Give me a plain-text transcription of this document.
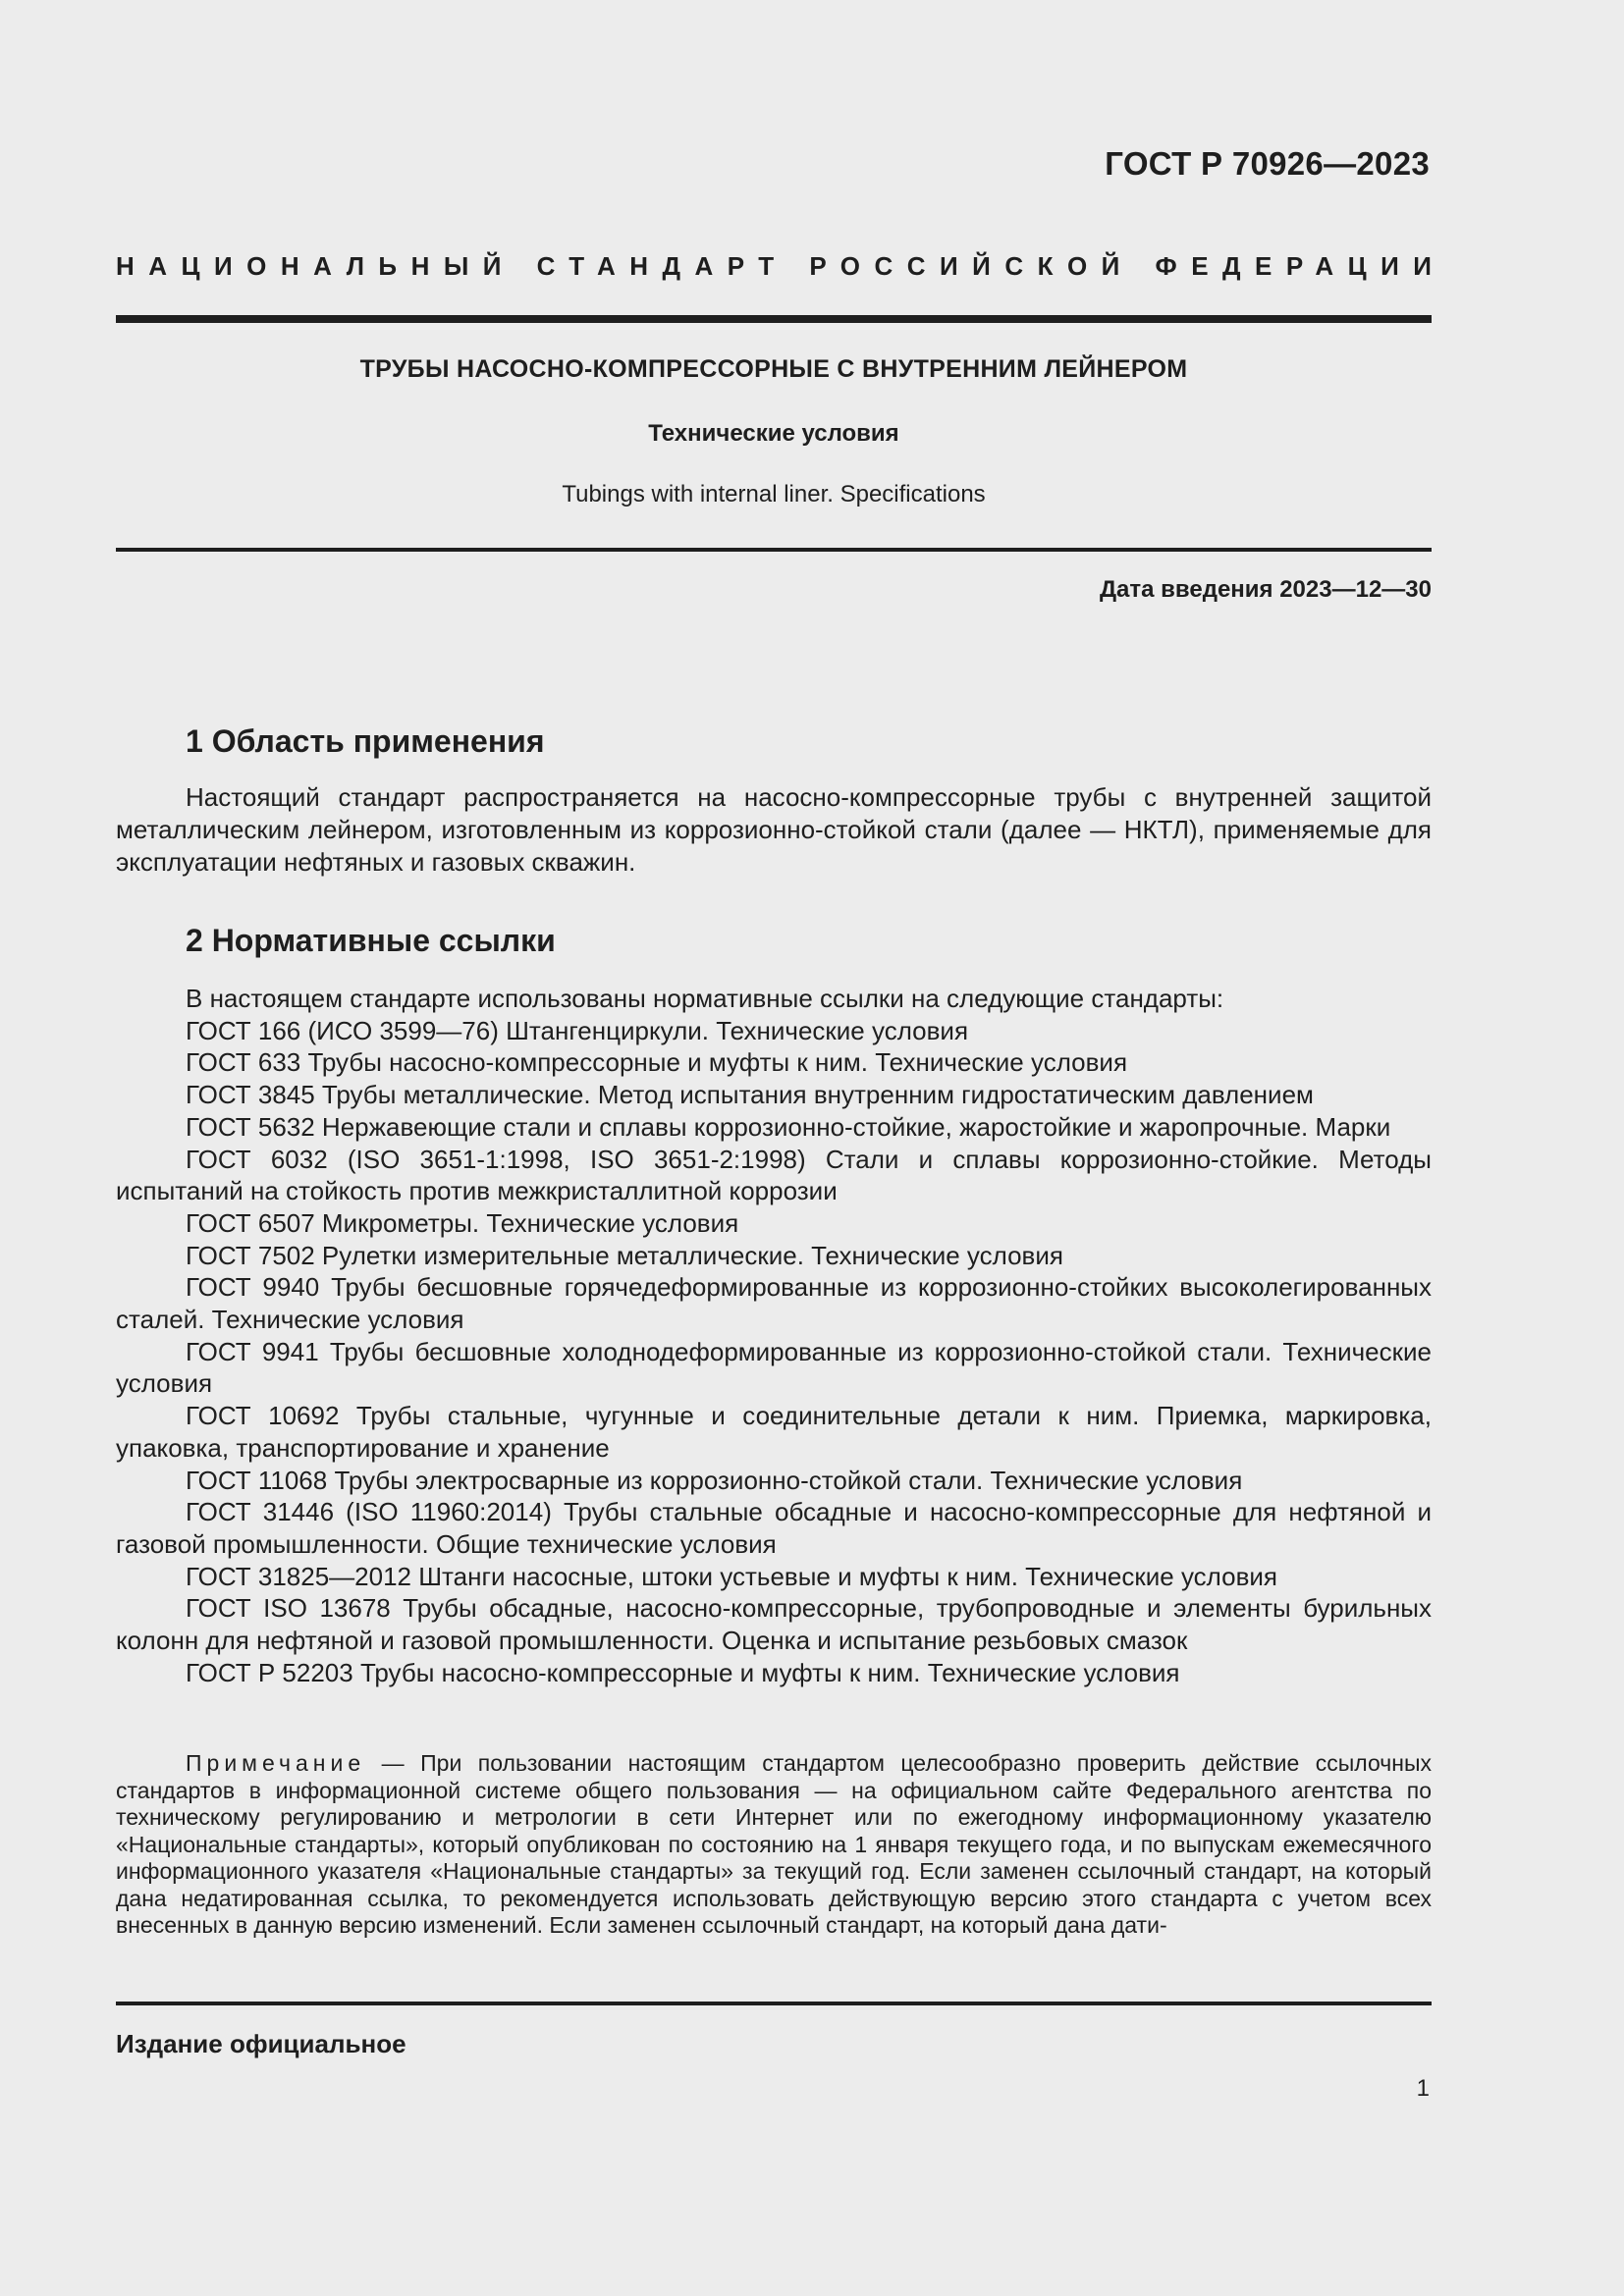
ГОСТ Р 70926—2023
НАЦИОНАЛЬНЫЙ СТАНДАРТ РОССИЙСКОЙ ФЕДЕРАЦИИ
ТРУБЫ НАСОСНО-КОМПРЕССОРНЫЕ С ВНУТРЕННИМ ЛЕЙНЕРОМ
Технические условия
Tubings with internal liner. Specifications
Дата введения 2023—12—30
1 Область применения

Настоящий стандарт распространяется на насосно-компрессорные трубы с внутренней защитой металлическим лейнером, изготовленным из коррозионно-стойкой стали (далее — НКТЛ), применяемые для эксплуатации нефтяных и газовых скважин.

2 Нормативные ссылки

В настоящем стандарте использованы нормативные ссылки на следующие стандарты:

ГОСТ 166 (ИСО 3599—76) Штангенциркули. Технические условия

ГОСТ 633 Трубы насосно-компрессорные и муфты к ним. Технические условия

ГОСТ 3845 Трубы металлические. Метод испытания внутренним гидростатическим давлением

ГОСТ 5632 Нержавеющие стали и сплавы коррозионно-стойкие, жаростойкие и жаропрочные. Марки

ГОСТ 6032 (ISO 3651-1:1998, ISO 3651-2:1998) Стали и сплавы коррозионно-стойкие. Методы испытаний на стойкость против межкристаллитной коррозии

ГОСТ 6507 Микрометры. Технические условия

ГОСТ 7502 Рулетки измерительные металлические. Технические условия

ГОСТ 9940 Трубы бесшовные горячедеформированные из коррозионно-стойких высоколегированных сталей. Технические условия

ГОСТ 9941 Трубы бесшовные холоднодеформированные из коррозионно-стойкой стали. Технические условия

ГОСТ 10692 Трубы стальные, чугунные и соединительные детали к ним. Приемка, маркировка, упаковка, транспортирование и хранение

ГОСТ 11068 Трубы электросварные из коррозионно-стойкой стали. Технические условия

ГОСТ 31446 (ISO 11960:2014) Трубы стальные обсадные и насосно-компрессорные для нефтяной и газовой промышленности. Общие технические условия

ГОСТ 31825—2012 Штанги насосные, штоки устьевые и муфты к ним. Технические условия

ГОСТ ISO 13678 Трубы обсадные, насосно-компрессорные, трубопроводные и элементы бурильных колонн для нефтяной и газовой промышленности. Оценка и испытание резьбовых смазок

ГОСТ Р 52203 Трубы насосно-компрессорные и муфты к ним. Технические условия

Примечание — При пользовании настоящим стандартом целесообразно проверить действие ссылочных стандартов в информационной системе общего пользования — на официальном сайте Федерального агентства по техническому регулированию и метрологии в сети Интернет или по ежегодному информационному указателю «Национальные стандарты», который опубликован по состоянию на 1 января текущего года, и по выпускам ежемесячного информационного указателя «Национальные стандарты» за текущий год. Если заменен ссылочный стандарт, на который дана недатированная ссылка, то рекомендуется использовать действующую версию этого стандарта с учетом всех внесенных в данную версию изменений. Если заменен ссылочный стандарт, на который дана дати-

Издание официальное
1
